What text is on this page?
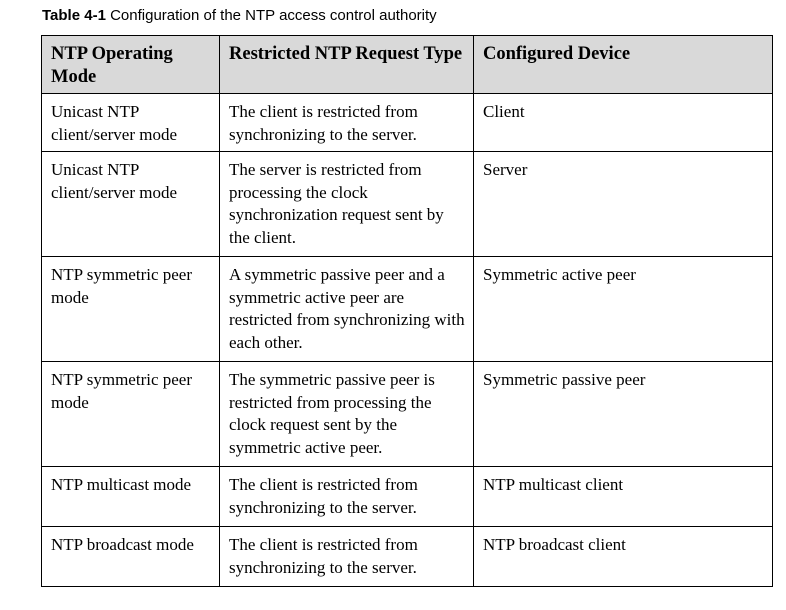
Table 4-1 Configuration of the NTP access control authority
NTP Operating Mode	Restricted NTP Request Type	Configured Device
Unicast NTP client/server mode	The client is restricted from synchronizing to the server.	Client
Unicast NTP client/server mode	The server is restricted from processing the clock synchronization request sent by the client.	Server
NTP symmetric peer mode	A symmetric passive peer and a symmetric active peer are restricted from synchronizing with each other.	Symmetric active peer
NTP symmetric peer mode	The symmetric passive peer is restricted from processing the clock request sent by the symmetric active peer.	Symmetric passive peer
NTP multicast mode	The client is restricted from synchronizing to the server.	NTP multicast client
NTP broadcast mode	The client is restricted from synchronizing to the server.	NTP broadcast client
